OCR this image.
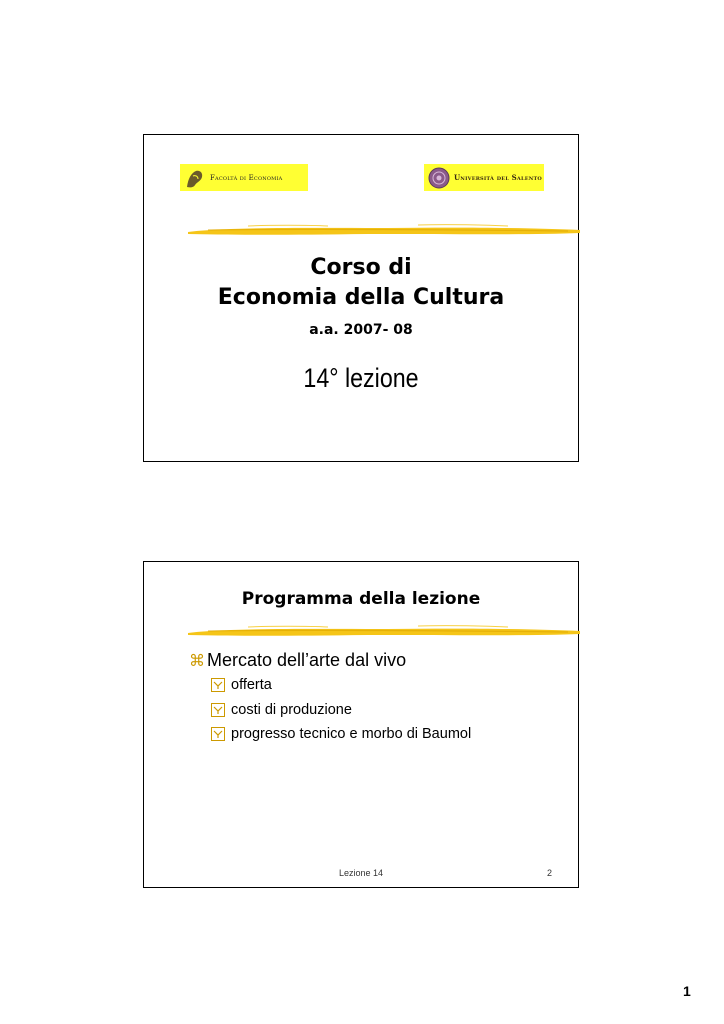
Facoltà di Economia	Università del Salento
Corso di
Economia della Cultura
a.a. 2007- 08
14° lezione
Programma della lezione
⌘ Mercato dell’arte dal vivo
offerta
costi di produzione
progresso tecnico e morbo di Baumol
Lezione 14	2
1
